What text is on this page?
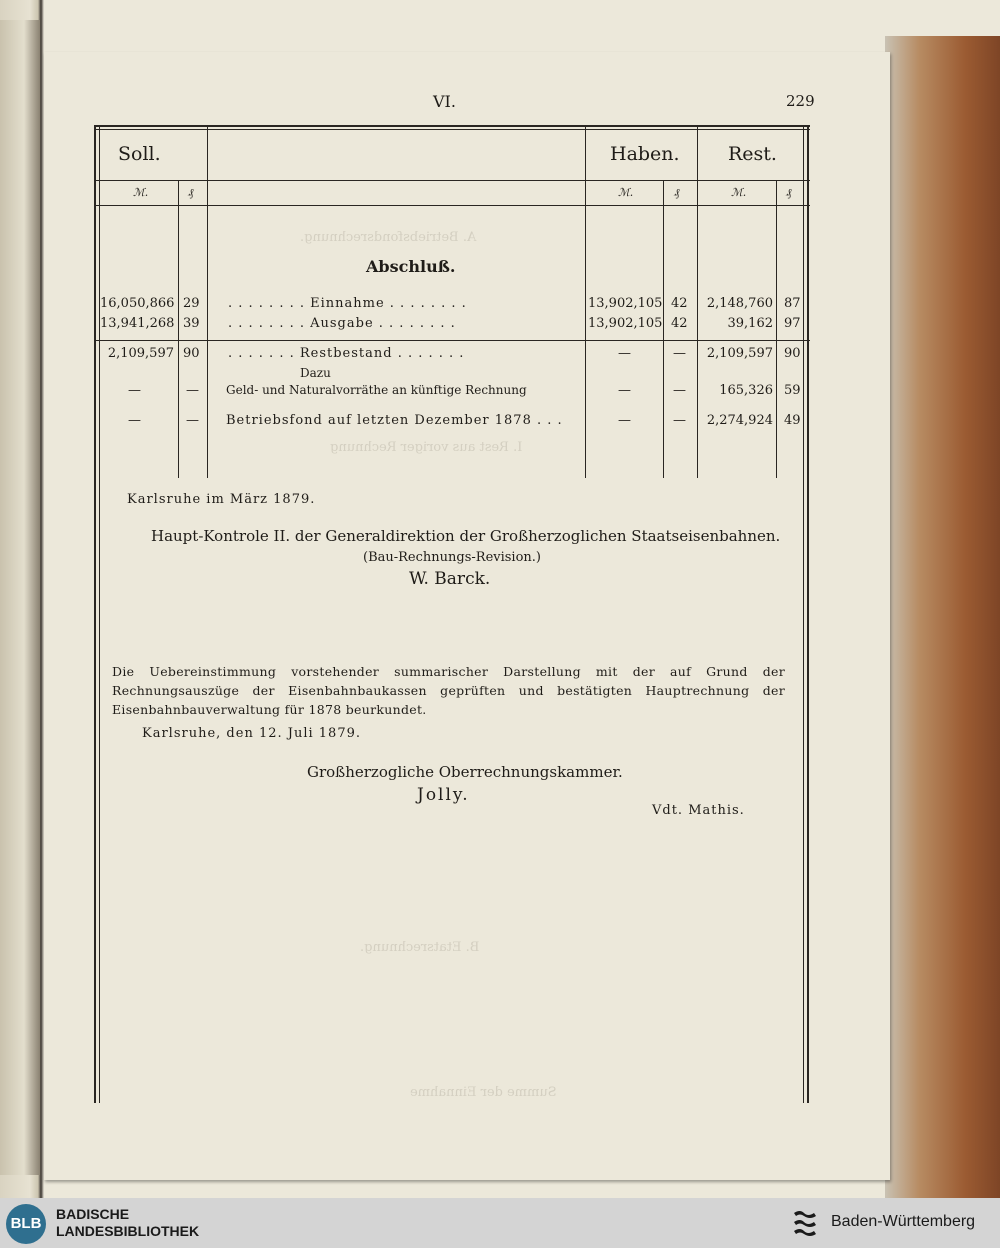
A. Betriebsfondsrechnung.
I. Rest aus voriger Rechnung
B. Etatsrechnung.
Summe der Einnahme
VI.	229
Soll.	Haben.	Rest.
ℳ.	₰	ℳ.	₰	ℳ.	₰
Abschluß.
16,050,866 29 . . . . . . . . Einnahme . . . . . . . .	13,902,105 42	2,148,760 87
13,941,268 39 . . . . . . . . Ausgabe . . . . . . . .	13,902,105 42	39,162 97
2,109,597 90 . . . . . . . Restbestand . . . . . . .	—	—	2,109,597 90
Dazu
—	— Geld- und Naturalvorräthe an künftige Rechnung	—	—	165,326 59
—	— Betriebsfond auf letzten Dezember 1878 . . .	—	—	2,274,924 49
Karlsruhe im März 1879.
Haupt-Kontrole II. der Generaldirektion der Großherzoglichen Staatseisenbahnen.
(Bau-Rechnungs-Revision.)
W. Barck.
Die Uebereinstimmung vorstehender summarischer Darstellung mit der auf Grund der Rechnungsauszüge der Eisenbahnbaukassen geprüften und bestätigten Hauptrechnung der Eisenbahnbauverwaltung für 1878 beurkundet.
Karlsruhe, den 12. Juli 1879.
Großherzogliche Oberrechnungskammer.
Jolly.
Vdt. Mathis.
BLB
BADISCHE
LANDESBIBLIOTHEK
Baden-Württemberg
